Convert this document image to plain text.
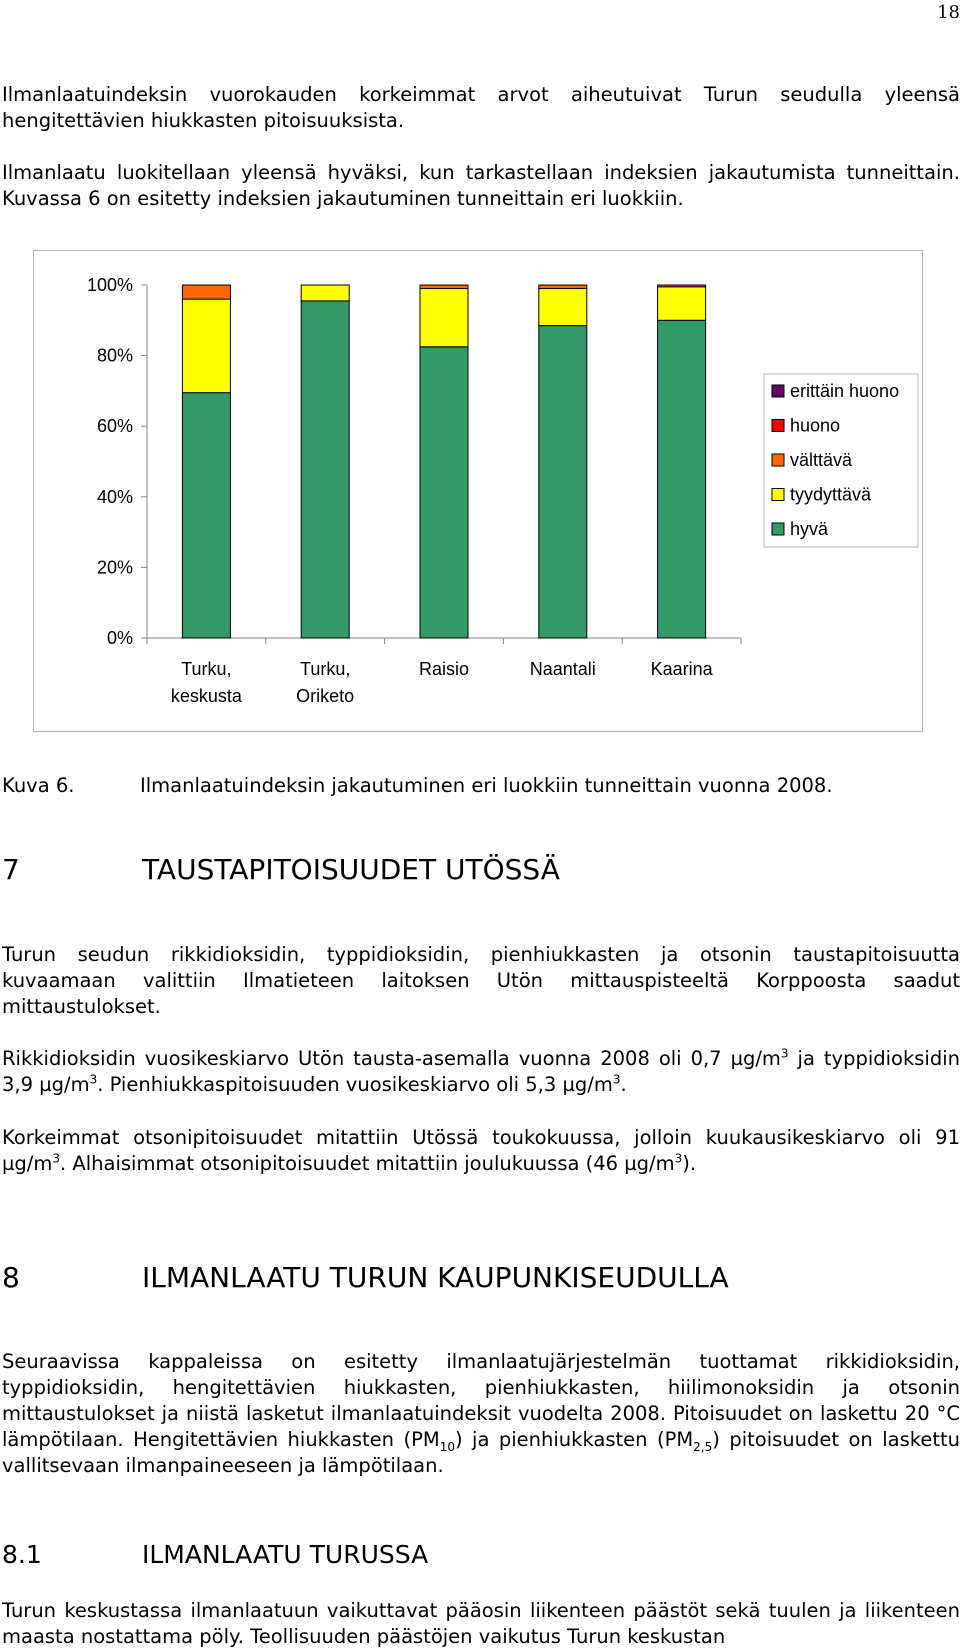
18
Ilmanlaatuindeksin vuorokauden korkeimmat arvot aiheutuivat Turun seudulla yleensä hengitettävien hiukkasten pitoisuuksista.
Ilmanlaatu luokitellaan yleensä hyväksi, kun tarkastellaan indeksien jakautumista tunneittain. Kuvassa 6 on esitetty indeksien jakautuminen tunneittain eri luokkiin.
0%
20%
40%
60%
80%
100%
Turku,
keskusta
Turku,
Oriketo
Raisio	Naantali	Kaarina
erittäin huono
huono
välttävä
tyydyttävä
hyvä
Kuva 6.	Ilmanlaatuindeksin jakautuminen eri luokkiin tunneittain vuonna 2008.
7	TAUSTAPITOISUUDET UTÖSSÄ
Turun seudun rikkidioksidin, typpidioksidin, pienhiukkasten ja otsonin taustapitoisuutta kuvaamaan valittiin Ilmatieteen laitoksen Utön mittauspisteeltä Korppoosta saadut mittaustulokset.
Rikkidioksidin vuosikeskiarvo Utön tausta-asemalla vuonna 2008 oli 0,7 $\mu g/m^3$ ja typpidioksidin 3,9 $\mu g/m^3$. Pienhiukkaspitoisuuden vuosikeskiarvo oli 5,3 $\mu g/m^3$.
Korkeimmat otsonipitoisuudet mitattiin Utössä toukokuussa, jolloin kuukausikeskiarvo oli 91 $\mu g/m^3$. Alhaisimmat otsonipitoisuudet mitattiin joulukuussa (46 $\mu g/m^3$).
8	ILMANLAATU TURUN KAUPUNKISEUDULLA
Seuraavissa kappaleissa on esitetty ilmanlaatujärjestelmän tuottamat rikkidioksidin, typpidioksidin, hengitettävien hiukkasten, pienhiukkasten, hiilimonoksidin ja otsonin mittaustulokset ja niistä lasketut ilmanlaatuindeksit vuodelta 2008. Pitoisuudet on laskettu 20 °C lämpötilaan. Hengitettävien hiukkasten $(PM_{10})$ ja pienhiukkasten $(PM_{2,5})$ pitoisuudet on laskettu vallitsevaan ilmanpaineeseen ja lämpötilaan.
8.1	ILMANLAATU TURUSSA
Turun keskustassa ilmanlaatuun vaikuttavat pääosin liikenteen päästöt sekä tuulen ja liikenteen maasta nostattama pöly. Teollisuuden päästöjen vaikutus Turun keskustan
